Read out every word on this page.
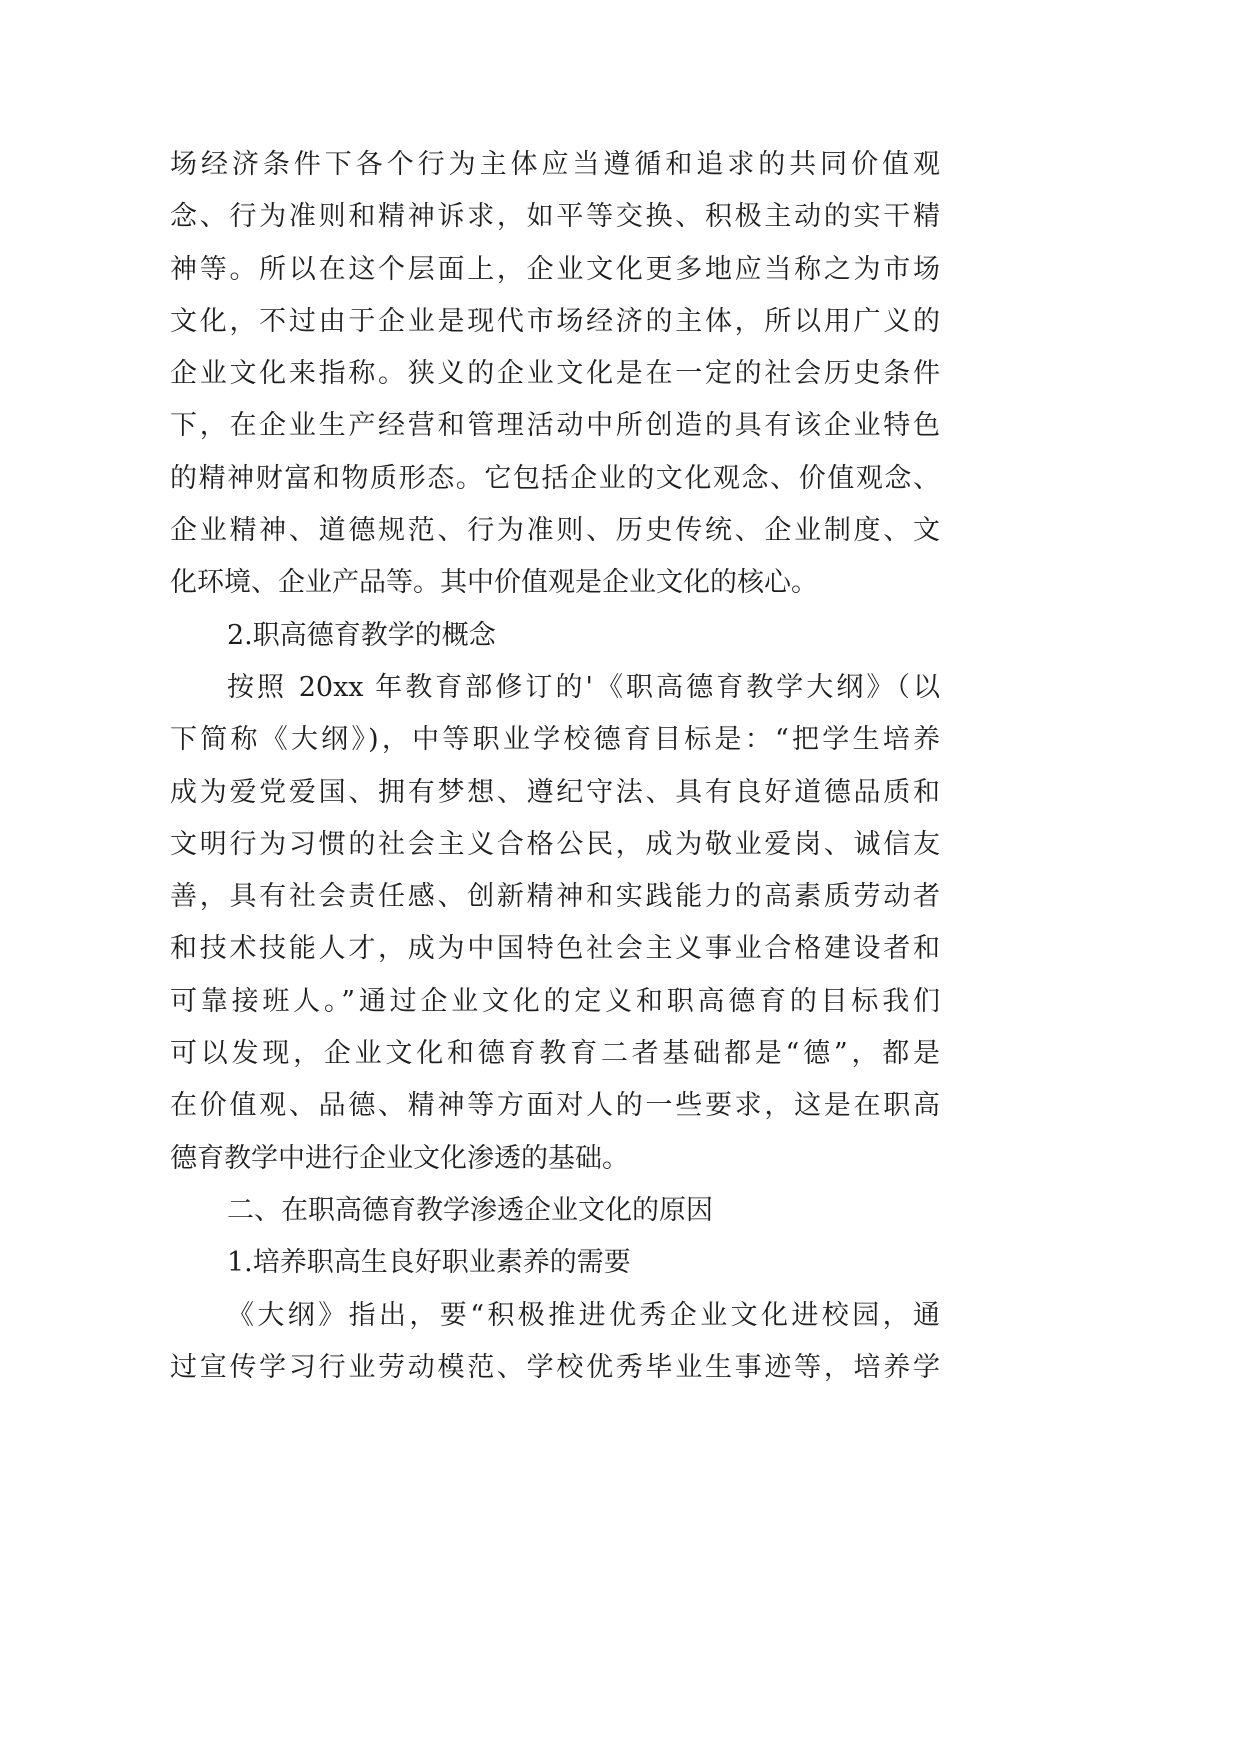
场经济条件下各个行为主体应当遵循和追求的共同价值观
念、行为准则和精神诉求，如平等交换、积极主动的实干精
神等。所以在这个层面上，企业文化更多地应当称之为市场
文化，不过由于企业是现代市场经济的主体，所以用广义的
企业文化来指称。狭义的企业文化是在一定的社会历史条件
下，在企业生产经营和管理活动中所创造的具有该企业特色
的精神财富和物质形态。它包括企业的文化观念、价值观念、
企业精神、道德规范、行为准则、历史传统、企业制度、文
化环境、企业产品等。其中价值观是企业文化的核心。
2.职高德育教学的概念
按照 20xx 年教育部修订的'《职高德育教学大纲》（以
下简称《大纲》)，中等职业学校德育目标是：“把学生培养
成为爱党爱国、拥有梦想、遵纪守法、具有良好道德品质和
文明行为习惯的社会主义合格公民，成为敬业爱岗、诚信友
善，具有社会责任感、创新精神和实践能力的高素质劳动者
和技术技能人才，成为中国特色社会主义事业合格建设者和
可靠接班人。”通过企业文化的定义和职高德育的目标我们
可以发现，企业文化和德育教育二者基础都是“德”，都是
在价值观、品德、精神等方面对人的一些要求，这是在职高
德育教学中进行企业文化渗透的基础。
二、在职高德育教学渗透企业文化的原因
1.培养职高生良好职业素养的需要
《大纲》指出，要“积极推进优秀企业文化进校园，通
过宣传学习行业劳动模范、学校优秀毕业生事迹等，培养学
